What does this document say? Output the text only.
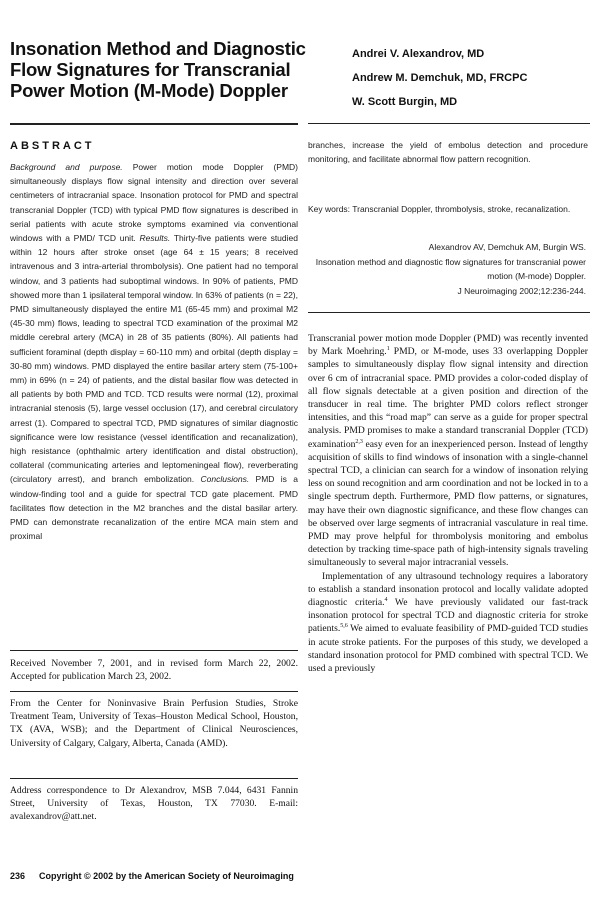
Insonation Method and Diagnostic Flow Signatures for Transcranial Power Motion (M-Mode) Doppler
Andrei V. Alexandrov, MD
Andrew M. Demchuk, MD, FRCPC
W. Scott Burgin, MD
ABSTRACT
Background and purpose. Power motion mode Doppler (PMD) simultaneously displays flow signal intensity and direction over several centimeters of intracranial space. Insonation protocol for PMD and spectral transcranial Doppler (TCD) with typical PMD flow signatures is described in serial patients with acute stroke symptoms examined via conventional windows with a PMD/ TCD unit. Results. Thirty-five patients were studied within 12 hours after stroke onset (age 64 ± 15 years; 8 received intravenous and 3 intra-arterial thrombolysis). One patient had no temporal window, and 3 patients had suboptimal windows. In 90% of patients, PMD showed more than 1 ipsilateral temporal window. In 63% of patients (n = 22), PMD simultaneously displayed the entire M1 (65-45 mm) and proximal M2 (45-30 mm) flows, leading to spectral TCD examination of the proximal M2 middle cerebral artery (MCA) in 28 of 35 patients (80%). All patients had sufficient foraminal (depth display = 60-110 mm) and orbital (depth display = 30-80 mm) windows. PMD displayed the entire basilar artery stem (75-100+ mm) in 69% (n = 24) of patients, and the distal basilar flow was detected in all patients by both PMD and TCD. TCD results were normal (12), proximal intracranial stenosis (5), large vessel occlusion (17), and cerebral circulatory arrest (1). Compared to spectral TCD, PMD signatures of similar diagnostic significance were low resistance (vessel identification and recanalization), high resistance (ophthalmic artery identification and distal obstruction), collateral (communicating arteries and leptomeningeal flow), reverberating (circulatory arrest), and branch embolization. Conclusions. PMD is a window-finding tool and a guide for spectral TCD gate placement. PMD facilitates flow detection in the M2 branches and the distal basilar artery. PMD can demonstrate recanalization of the entire MCA main stem and proximal
branches, increase the yield of embolus detection and procedure monitoring, and facilitate abnormal flow pattern recognition.
Key words: Transcranial Doppler, thrombolysis, stroke, recanalization.
Alexandrov AV, Demchuk AM, Burgin WS.
Insonation method and diagnostic flow signatures for transcranial power motion (M-mode) Doppler.
J Neuroimaging 2002;12:236-244.

Transcranial power motion mode Doppler (PMD) was recently invented by Mark Moehring.$^1$ PMD, or M-mode, uses 33 overlapping Doppler samples to simultaneously display flow signal intensity and direction over 6 cm of intracranial space. PMD provides a color-coded display of all flow signals detectable at a given position and direction of the transducer in real time. The brighter PMD colors reflect stronger intensities, and this “road map” can serve as a guide for proper spectral analysis. PMD promises to make a standard transcranial Doppler (TCD) examination$^{2,3}$ easy even for an inexperienced person. Instead of lengthy acquisition of skills to find windows of insonation with a single-channel spectral TCD, a clinician can search for a window of insonation relying less on sound recognition and arm coordination and not be locked in to a single spectrum depth. Furthermore, PMD flow patterns, or signatures, may have their own diagnostic significance, and these flow changes can be observed over large segments of intracranial vasculature in real time. PMD may prove helpful for thrombolysis monitoring and embolus detection by tracking time-space path of high-intensity signals traveling simultaneously to several major intracranial vessels.

Implementation of any ultrasound technology requires a laboratory to establish a standard insonation protocol and locally validate adopted diagnostic criteria.$^4$ We have previously validated our fast-track insonation protocol for spectral TCD and diagnostic criteria for stroke patients.$^{5,6}$ We aimed to evaluate feasibility of PMD-guided TCD studies in acute stroke patients. For the purposes of this study, we developed a standard insonation protocol for PMD combined with spectral TCD. We used a previously

Received November 7, 2001, and in revised form March 22, 2002. Accepted for publication March 23, 2002.
From the Center for Noninvasive Brain Perfusion Studies, Stroke Treatment Team, University of Texas–Houston Medical School, Houston, TX (AVA, WSB); and the Department of Clinical Neurosciences, University of Calgary, Calgary, Alberta, Canada (AMD).
Address correspondence to Dr Alexandrov, MSB 7.044, 6431 Fannin Street, University of Texas, Houston, TX 77030. E-mail: avalexandrov@att.net.
236 Copyright © 2002 by the American Society of Neuroimaging
